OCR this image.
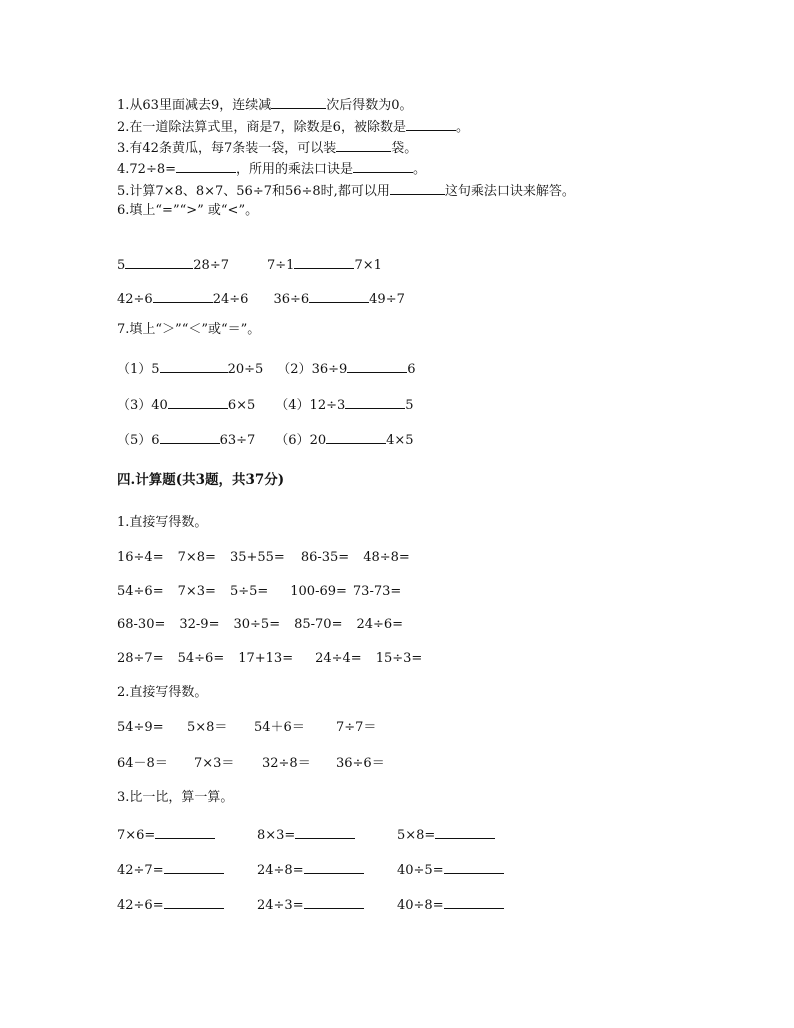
1.从63里面减去9，连续减	次后得数为0。
2.在一道除法算式里，商是7，除数是6，被除数是	。
3.有42条黄瓜，每7条装一袋，可以装	袋。
4.72÷8=	，所用的乘法口诀是	。
5.计算7×8、8×7、56÷7和56÷8时,都可以用	这句乘法口诀来解答。
6.填上“=”“>” 或“<”。
5	28÷7	7÷1	7×1
42÷6	24÷6 36÷6	49÷7
7.填上“＞”“＜”或“＝”。
（1）5	20÷5 （2）36÷9	6
（3）40	6×5 （4）12÷3	5
（5）6	63÷7 （6）20	4×5
四.计算题(共3题，共37分)
1.直接写得数。
16÷4= 7×8= 35+55= 86-35= 48÷8=
54÷6= 7×3= 5÷5= 100-69= 73-73=
68-30= 32-9= 30÷5= 85-70= 24÷6=
28÷7= 54÷6= 17+13= 24÷4= 15÷3=
2.直接写得数。
54÷9= 5×8＝ 54＋6＝ 7÷7＝
64－8＝ 7×3＝ 32÷8＝ 36÷6＝
3.比一比，算一算。
7×6=	8×3=	5×8=
42÷7=	24÷8=	40÷5=
42÷6=	24÷3=	40÷8=
